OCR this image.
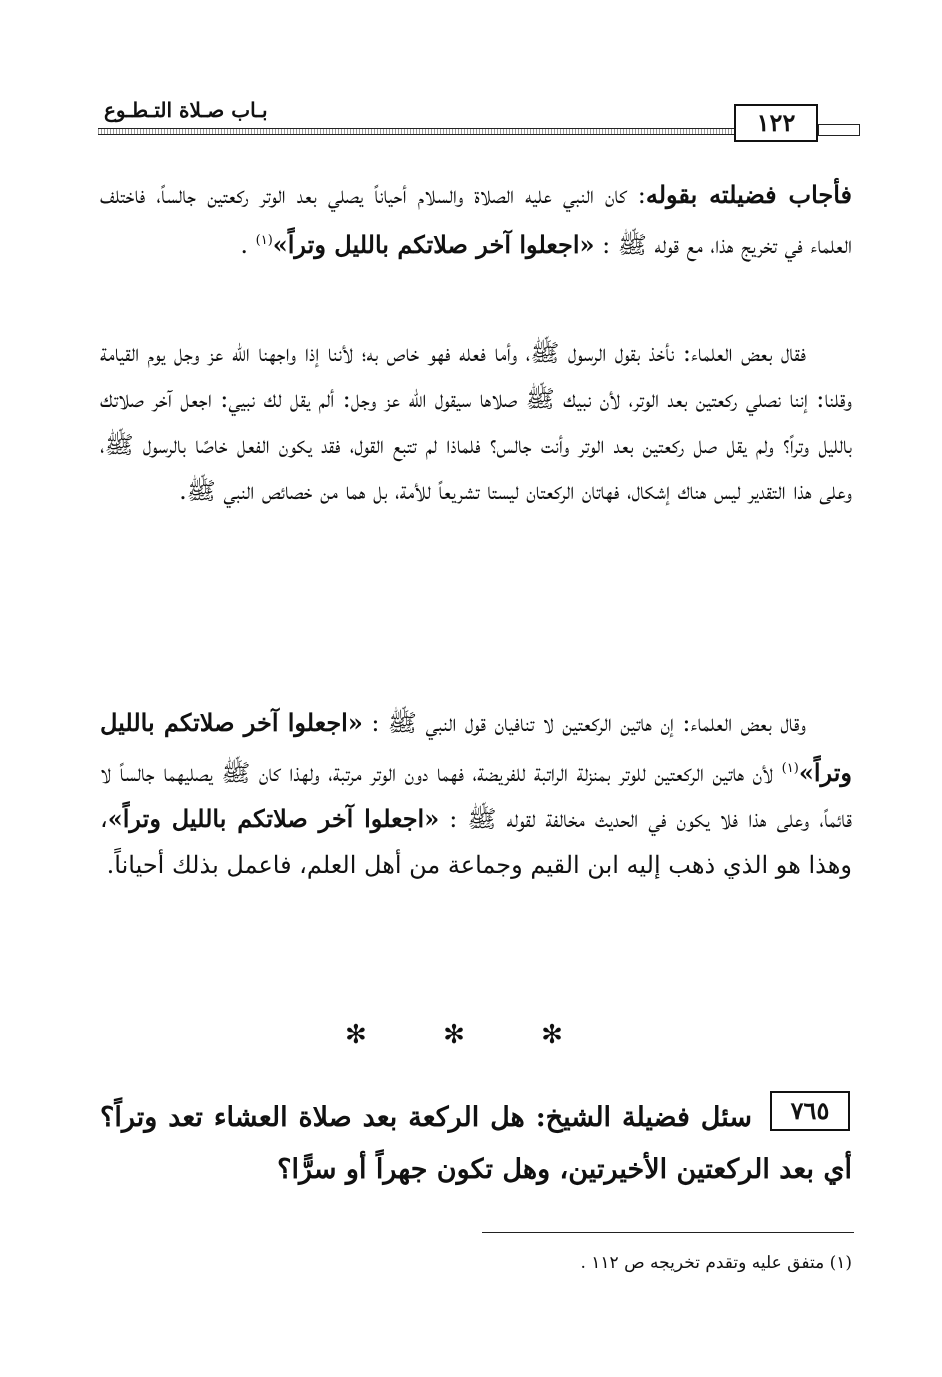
بـاب صـلاة التـطـوع	١٢٢

فأجاب فضيلته بقوله: كان النبي عليه الصلاة والسلام أحياناً يصلي بعد الوتر ركعتين جالساً، فاختلف العلماء في تخريج هذا، مع قوله ﷺ : «اجعلوا آخر صلاتكم بالليل وتراً»$^{(١)}$ .

فقال بعض العلماء: نأخذ بقول الرسول ﷺ، وأما فعله فهو خاص به؛ لأننا إذا واجهنا الله عز وجل يوم القيامة وقلنا: إننا نصلي ركعتين بعد الوتر، لأن نبيك ﷺ صلاها سيقول الله عز وجل: ألم يقل لك نبيي: اجعل آخر صلاتك بالليل وتراً؟ ولم يقل صل ركعتين بعد الوتر وأنت جالس؟ فلماذا لم تتبع القول، فقد يكون الفعل خاصًا بالرسول ﷺ، وعلى هذا التقدير ليس هناك إشكال، فهاتان الركعتان ليستا تشريعاً للأمة، بل هما من خصائص النبي ﷺ.

وقال بعض العلماء: إن هاتين الركعتين لا تنافيان قول النبي ﷺ : «اجعلوا آخر صلاتكم بالليل وتراً»$^{(١)}$ لأن هاتين الركعتين للوتر بمنزلة الراتبة للفريضة، فهما دون الوتر مرتبة، ولهذا كان ﷺ يصليهما جالساً لا قائماً، وعلى هذا فلا يكون في الحديث مخالفة لقوله ﷺ : «اجعلوا آخر صلاتكم بالليل وتراً»، وهذا هو الذي ذهب إليه ابن القيم وجماعة من أهل العلم، فاعمل بذلك أحياناً.

✻ ✻ ✻
٧٦٥
سئل فضيلة الشيخ: هل الركعة بعد صلاة العشاء تعد وتراً؟ أي بعد الركعتين الأخيرتين، وهل تكون جهراً أو سرًّا؟
(١) متفق عليه وتقدم تخريجه ص ١١٢ .
